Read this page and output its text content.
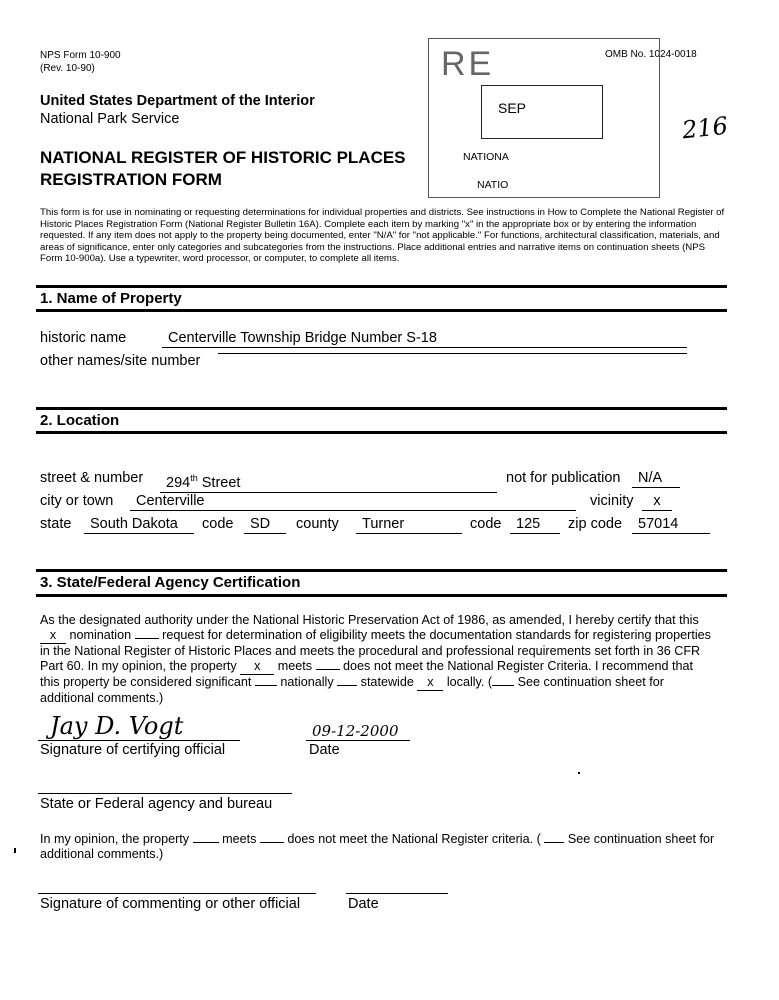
NPS Form 10-900
(Rev. 10-90)
OMB No. 1024-0018
United States Department of the Interior
National Park Service
NATIONAL REGISTER OF HISTORIC PLACES
REGISTRATION FORM
RE
SEP
NATIONA
NATIO
216
This form is for use in nominating or requesting determinations for individual properties and districts. See instructions in How to Complete the National Register of Historic Places Registration Form (National Register Bulletin 16A). Complete each item by marking "x" in the appropriate box or by entering the information requested. If any item does not apply to the property being documented, enter "N/A" for "not applicable." For functions, architectural classification, materials, and areas of significance, enter only categories and subcategories from the instructions. Place additional entries and narrative items on continuation sheets (NPS Form 10-900a). Use a typewriter, word processor, or computer, to complete all items.
1. Name of Property
historic name	Centerville Township Bridge Number S-18
other names/site number
2. Location
street & number	294th Street	not for publication	N/A
city or town	Centerville	vicinity	x
state	South Dakota	code	SD	county	Turner	code	125	zip code	57014
3. State/Federal Agency Certification
As the designated authority under the National Historic Preservation Act of 1986, as amended, I hereby certify that this
x nomination request for determination of eligibility meets the documentation standards for registering properties
in the National Register of Historic Places and meets the procedural and professional requirements set forth in 36 CFR
Part 60. In my opinion, the property x meets does not meet the National Register Criteria. I recommend that
this property be considered significant nationally statewide x locally. ( See continuation sheet for
additional comments.)
Jay D. Vogt	09-12-2000
Signature of certifying official	Date
State or Federal agency and bureau
In my opinion, the property	meets does not meet the National Register criteria. ( See continuation sheet for
additional comments.)
Signature of commenting or other official	Date
